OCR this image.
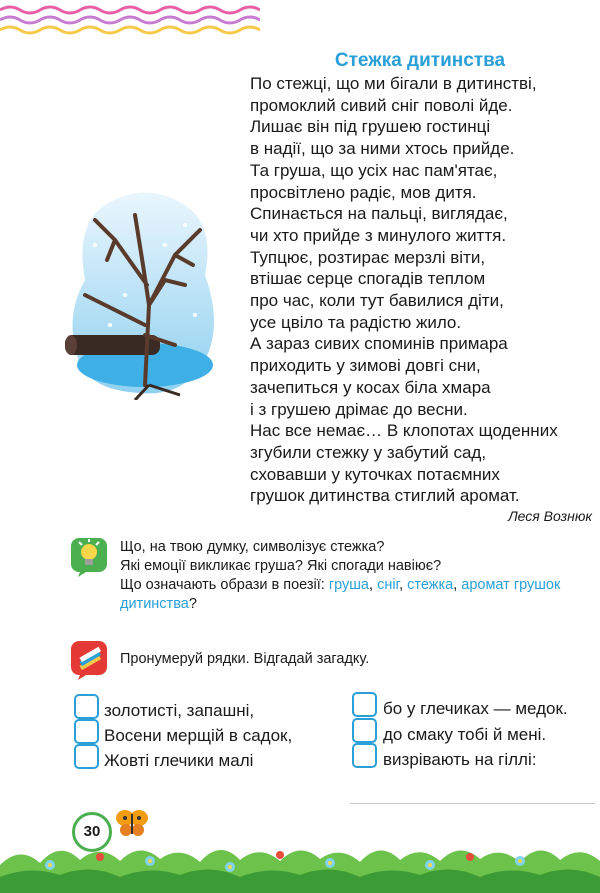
Стежка дитинства
По стежці, що ми бігали в дитинстві,
промоклий сивий сніг поволі йде.
Лишає він під грушею гостинці
в надії, що за ними хтось прийде.
Та груша, що усіх нас пам'ятає,
просвітлено радіє, мов дитя.
Спинається на пальці, виглядає,
чи хто прийде з минулого життя.
Тупцює, розтирає мерзлі віти,
втішає серце спогадів теплом
про час, коли тут бавилися діти,
усе цвіло та радістю жило.
А зараз сивих споминів примара
приходить у зимові довгі сни,
зачепиться у косах біла хмара
і з грушею дрімає до весни.
Нас все немає… В клопотах щоденних
згубили стежку у забутий сад,
сховавши у куточках потаємних
грушок дитинства стиглий аромат.
Леся Вознюк
Що, на твою думку, символізує стежка?
Які емоції викликає груша? Які спогади навіює?
Що означають образи в поезії: груша, сніг, стежка, аромат грушок дитинства?
Пронумеруй рядки. Відгадай загадку.
золотисті, запашні,
Восени мерщій в садок,
Жовті глечики малі
бо у глечиках — медок.
до смаку тобі й мені.
визрівають на гіллі:
30
